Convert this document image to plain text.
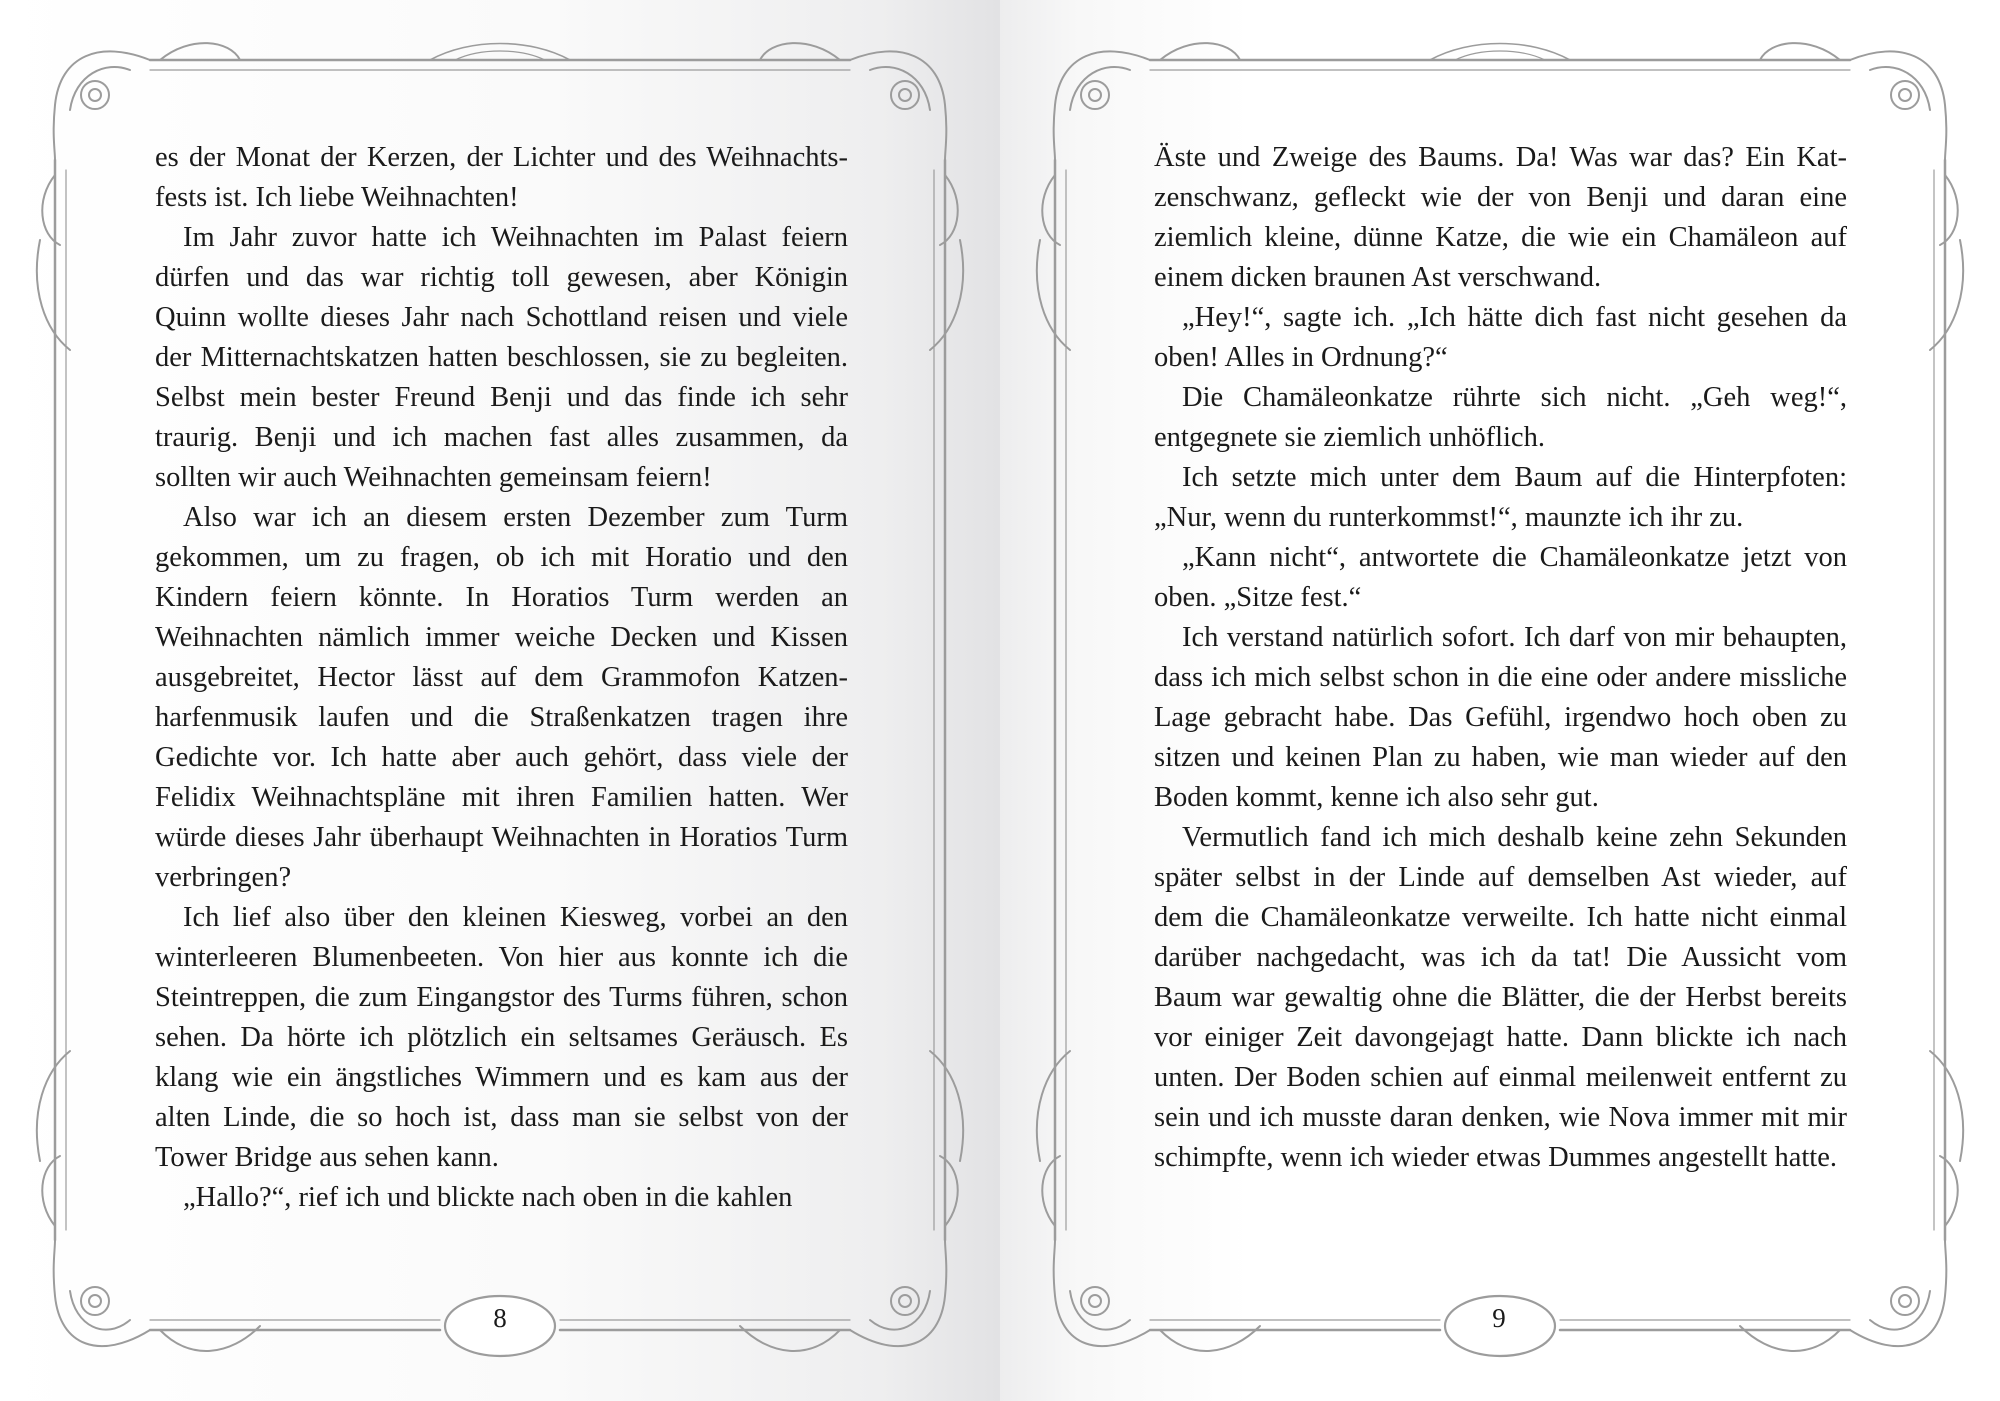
es der Monat der Kerzen, der Lichter und des Weihnachtsfests ist. Ich liebe Weihnachten!

Im Jahr zuvor hatte ich Weihnachten im Palast feiern dürfen und das war richtig toll gewesen, aber Königin Quinn wollte dieses Jahr nach Schottland reisen und viele der Mitternachtskatzen hatten beschlossen, sie zu begleiten. Selbst mein bester Freund Benji und das finde ich sehr traurig. Benji und ich machen fast alles zusammen, da sollten wir auch Weihnachten gemeinsam feiern!

Also war ich an diesem ersten Dezember zum Turm gekommen, um zu fragen, ob ich mit Horatio und den Kindern feiern könnte. In Horatios Turm werden an Weihnachten nämlich immer weiche Decken und Kissen ausgebreitet, Hector lässt auf dem Grammofon Katzenharfenmusik laufen und die Straßenkatzen tragen ihre Gedichte vor. Ich hatte aber auch gehört, dass viele der Felidix Weihnachtspläne mit ihren Familien hatten. Wer würde dieses Jahr überhaupt Weihnachten in Horatios Turm verbringen?

Ich lief also über den kleinen Kiesweg, vorbei an den winterleeren Blumenbeeten. Von hier aus konnte ich die Steintreppen, die zum Eingangstor des Turms führen, schon sehen. Da hörte ich plötzlich ein seltsames Geräusch. Es klang wie ein ängstliches Wimmern und es kam aus der alten Linde, die so hoch ist, dass man sie selbst von der Tower Bridge aus sehen kann.

„Hallo?“, rief ich und blickte nach oben in die kahlen

8

Äste und Zweige des Baums. Da! Was war das? Ein Katzenschwanz, gefleckt wie der von Benji und daran eine ziemlich kleine, dünne Katze, die wie ein Chamäleon auf einem dicken braunen Ast verschwand.

„Hey!“, sagte ich. „Ich hätte dich fast nicht gesehen da oben! Alles in Ordnung?“

Die Chamäleonkatze rührte sich nicht. „Geh weg!“, entgegnete sie ziemlich unhöflich.

Ich setzte mich unter dem Baum auf die Hinterpfoten: „Nur, wenn du runterkommst!“, maunzte ich ihr zu.

„Kann nicht“, antwortete die Chamäleonkatze jetzt von oben. „Sitze fest.“

Ich verstand natürlich sofort. Ich darf von mir behaupten, dass ich mich selbst schon in die eine oder andere missliche Lage gebracht habe. Das Gefühl, irgendwo hoch oben zu sitzen und keinen Plan zu haben, wie man wieder auf den Boden kommt, kenne ich also sehr gut.

Vermutlich fand ich mich deshalb keine zehn Sekunden später selbst in der Linde auf demselben Ast wieder, auf dem die Chamäleonkatze verweilte. Ich hatte nicht einmal darüber nachgedacht, was ich da tat! Die Aussicht vom Baum war gewaltig ohne die Blätter, die der Herbst bereits vor einiger Zeit davongejagt hatte. Dann blickte ich nach unten. Der Boden schien auf einmal meilenweit entfernt zu sein und ich musste daran denken, wie Nova immer mit mir schimpfte, wenn ich wieder etwas Dummes angestellt hatte.

9
